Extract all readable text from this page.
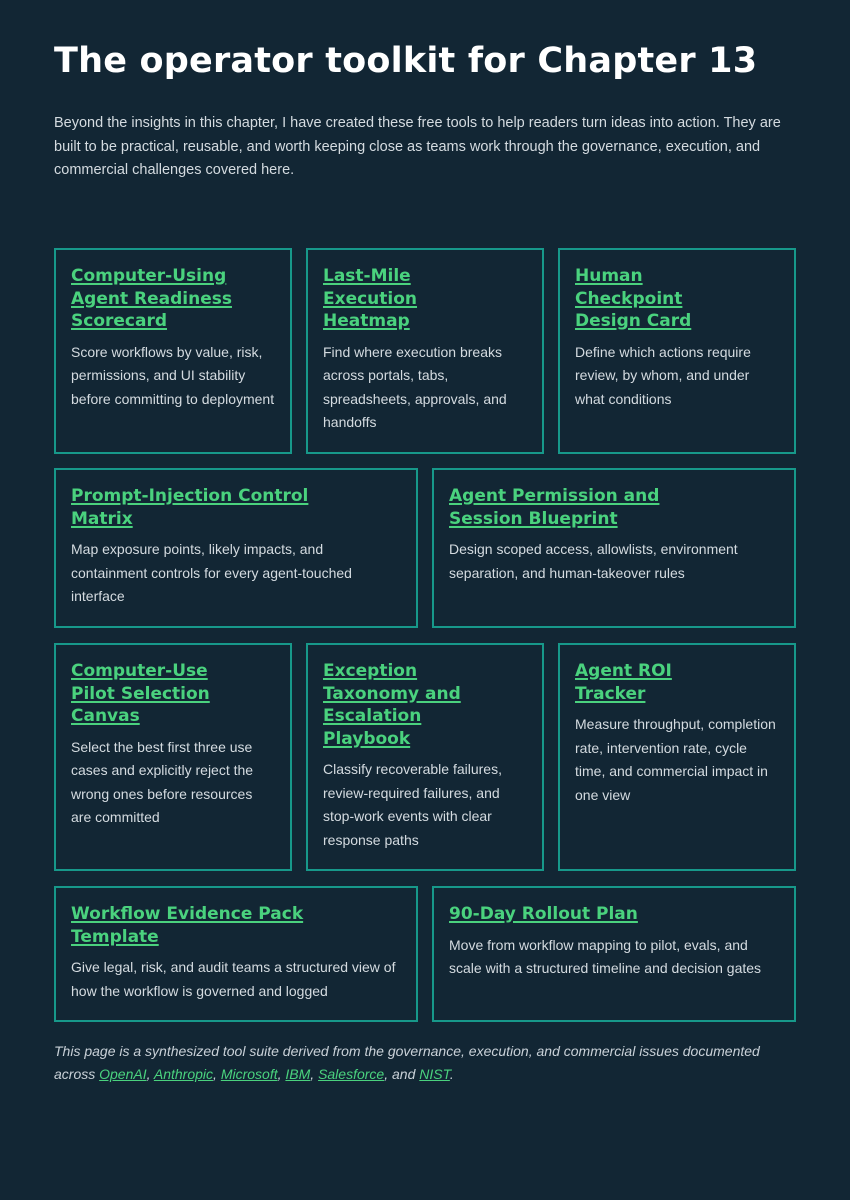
The operator toolkit for Chapter 13

Beyond the insights in this chapter, I have created these free tools to help readers turn ideas into action. They are built to be practical, reusable, and worth keeping close as teams work through the governance, execution, and commercial challenges covered here.

Computer-Using Agent Readiness Scorecard

Score workflows by value, risk, permissions, and UI stability before committing to deployment

Last-Mile Execution Heatmap

Find where execution breaks across portals, tabs, spreadsheets, approvals, and handoffs

Human Checkpoint Design Card

Define which actions require review, by whom, and under what conditions

Prompt-Injection Control Matrix

Map exposure points, likely impacts, and containment controls for every agent-touched interface

Agent Permission and Session Blueprint

Design scoped access, allowlists, environment separation, and human-takeover rules

Computer-Use Pilot Selection Canvas

Select the best first three use cases and explicitly reject the wrong ones before resources are committed

Exception Taxonomy and Escalation Playbook

Classify recoverable failures, review-required failures, and stop-work events with clear response paths

Agent ROI Tracker

Measure throughput, completion rate, intervention rate, cycle time, and commercial impact in one view

Workflow Evidence Pack Template

Give legal, risk, and audit teams a structured view of how the workflow is governed and logged

90-Day Rollout Plan

Move from workflow mapping to pilot, evals, and scale with a structured timeline and decision gates

This page is a synthesized tool suite derived from the governance, execution, and commercial issues documented across OpenAI, Anthropic, Microsoft, IBM, Salesforce, and NIST.
